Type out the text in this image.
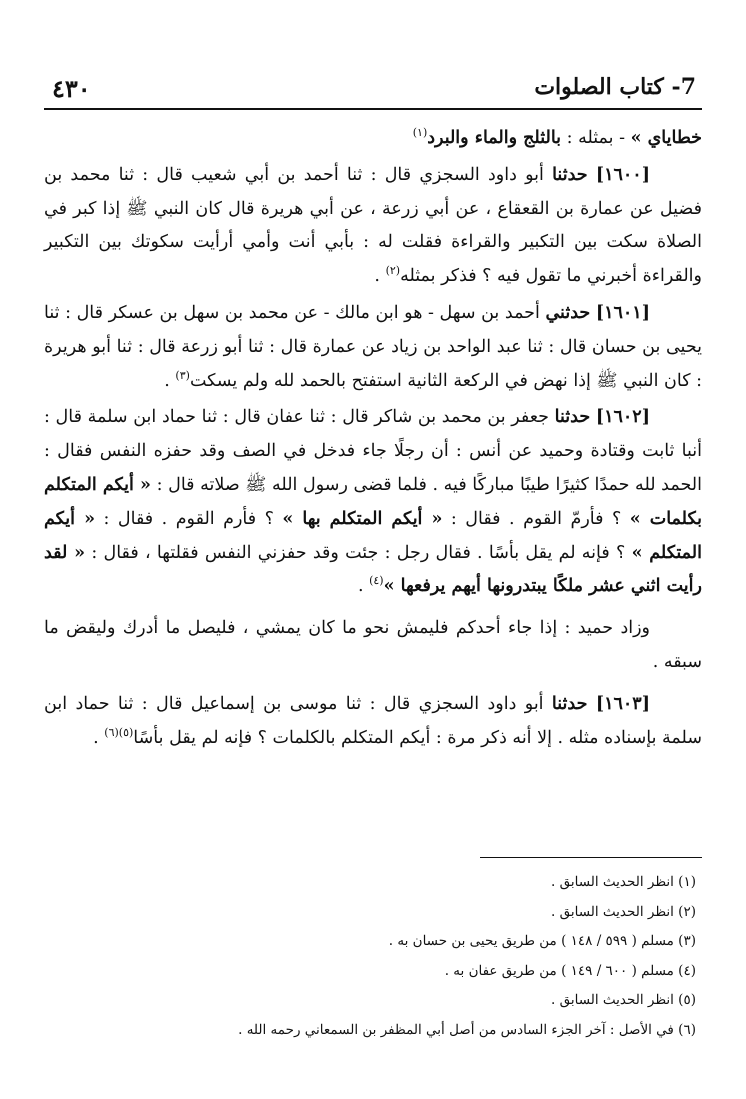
٤٣٠	7- كتاب الصلوات

خطاياي » - بمثله : بالثلج والماء والبرد$^{(١)}$

[١٦٠٠] حدثنا أبو داود السجزي قال : ثنا أحمد بن أبي شعيب قال : ثنا محمد بن فضيل عن عمارة بن القعقاع ، عن أبي زرعة ، عن أبي هريرة قال كان النبي ﷺ إذا كبر في الصلاة سكت بين التكبير والقراءة فقلت له : بأبي أنت وأمي أرأيت سكوتك بين التكبير والقراءة أخبرني ما تقول فيه ؟ فذكر بمثله$^{(٢)}$ .

[١٦٠١] حدثني أحمد بن سهل - هو ابن مالك - عن محمد بن سهل بن عسكر قال : ثنا يحيى بن حسان قال : ثنا عبد الواحد بن زياد عن عمارة قال : ثنا أبو زرعة قال : ثنا أبو هريرة : كان النبي ﷺ إذا نهض في الركعة الثانية استفتح بالحمد لله ولم يسكت$^{(٣)}$ .

[١٦٠٢] حدثنا جعفر بن محمد بن شاكر قال : ثنا عفان قال : ثنا حماد ابن سلمة قال : أنبا ثابت وقتادة وحميد عن أنس : أن رجلًا جاء فدخل في الصف وقد حفزه النفس فقال : الحمد لله حمدًا كثيرًا طيبًا مباركًا فيه . فلما قضى رسول الله ﷺ صلاته قال : « أيكم المتكلم بكلمات » ؟ فأرمّ القوم . فقال : « أيكم المتكلم بها » ؟ فأرم القوم . فقال : « أيكم المتكلم » ؟ فإنه لم يقل بأسًا . فقال رجل : جئت وقد حفزني النفس فقلتها ، فقال : « لقد رأيت اثني عشر ملكًا يبتدرونها أيهم يرفعها »$^{(٤)}$ .

وزاد حميد : إذا جاء أحدكم فليمش نحو ما كان يمشي ، فليصل ما أدرك وليقض ما سبقه .

[١٦٠٣] حدثنا أبو داود السجزي قال : ثنا موسى بن إسماعيل قال : ثنا حماد ابن سلمة بإسناده مثله . إلا أنه ذكر مرة : أيكم المتكلم بالكلمات ؟ فإنه لم يقل بأسًا$^{(٥)(٦)}$ .

(١) انظر الحديث السابق .
(٢) انظر الحديث السابق .
(٣) مسلم ( ٥٩٩ / ١٤٨ ) من طريق يحيى بن حسان به .
(٤) مسلم ( ٦٠٠ / ١٤٩ ) من طريق عفان به .
(٥) انظر الحديث السابق .
(٦) في الأصل : آخر الجزء السادس من أصل أبي المظفر بن السمعاني رحمه الله .
